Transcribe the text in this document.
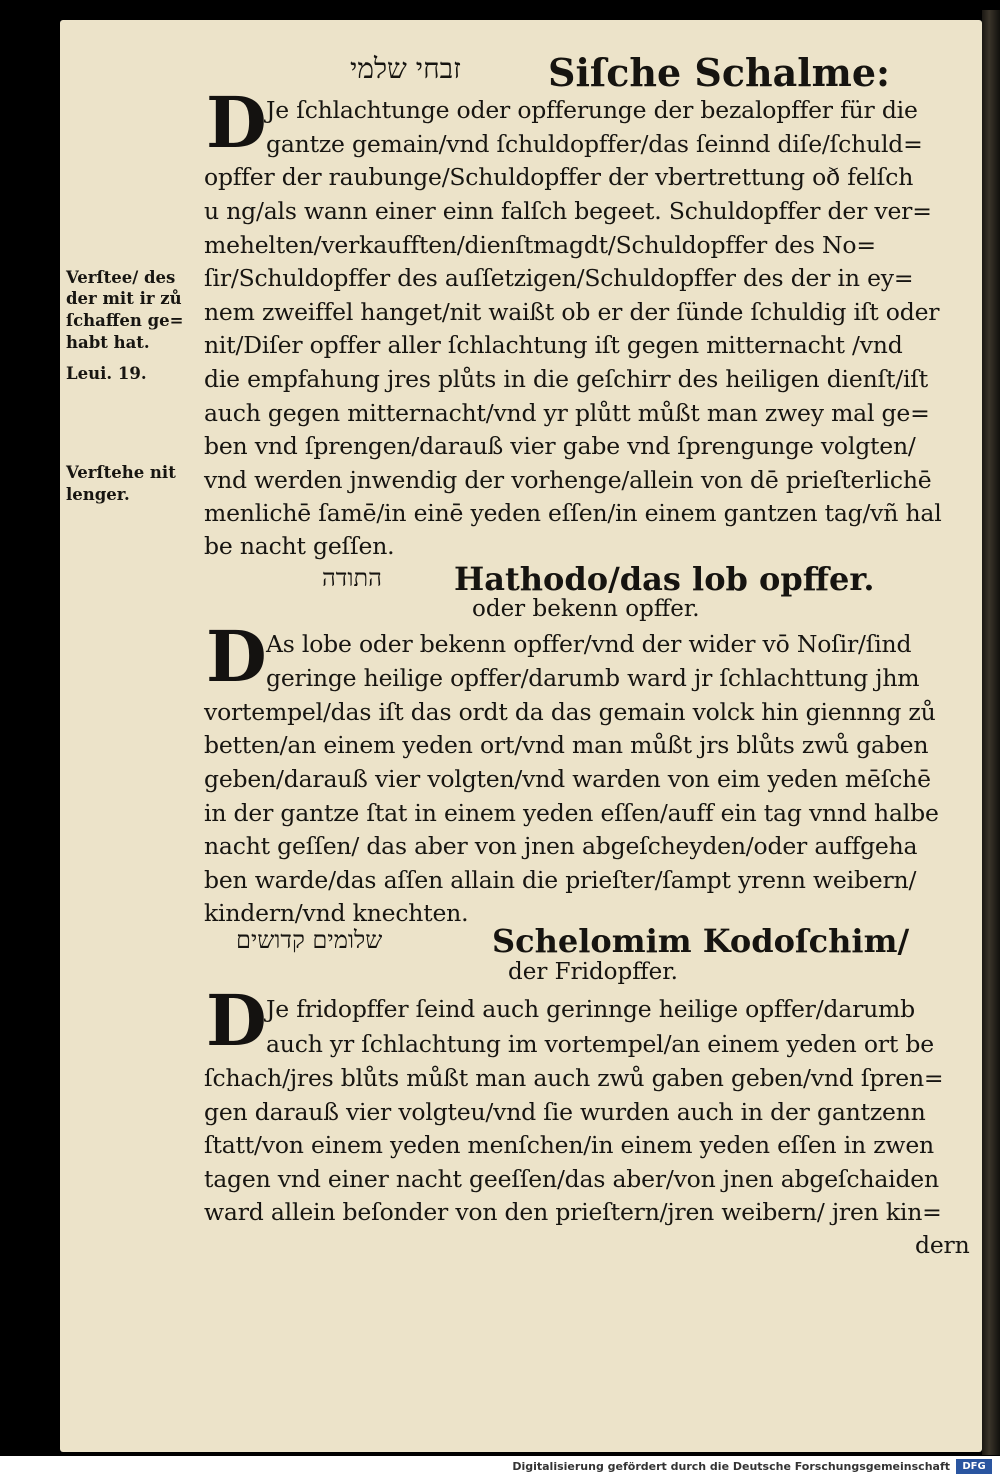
זבחי שלמי Siſche Schalme:
D Je ſchlachtunge oder opfferunge der bezalopffer für die
gantze gemain/vnd ſchuldopffer/das ſeinnd diſe/ſchuld=
opffer der raubunge/Schuldopffer der vbertrettung oð felſch
u ng/als wann einer einn falſch begeet. Schuldopffer der ver=
mehelten/verkaufften/dienſtmagdt/Schuldopffer des No=
ſir/Schuldopffer des auſſetzigen/Schuldopffer des der in ey=
nem zweiffel hanget/nit waißt ob er der ſünde ſchuldig iſt oder
nit/Diſer opffer aller ſchlachtung iſt gegen mitternacht /vnd
die empfahung jres plůts in die geſchirr des heiligen dienſt/iſt
auch gegen mitternacht/vnd yr plůtt můßt man zwey mal ge=
ben vnd ſprengen/darauß vier gabe vnd ſprengunge volgten/
vnd werden jnwendig der vorhenge/allein von dē prieſterlichē
menlichē ſamē/in einē yeden eſſen/in einem gantzen tag/vñ hal
be nacht geſſen.
Verſtee/ des
der mit ir zů
ſchaffen ge=
habt hat.
Leui. 19.
Verſtehe nit
lenger.
התודה Hathodo/das lob opffer.
oder bekenn opffer.
D As lobe oder bekenn opffer/vnd der wider vō Noſir/ſind
geringe heilige opffer/darumb ward jr ſchlachttung jhm
vortempel/das iſt das ordt da das gemain volck hin giennng zů
betten/an einem yeden ort/vnd man můßt jrs blůts zwů gaben
geben/darauß vier volgten/vnd warden von eim yeden mēſchē
in der gantze ſtat in einem yeden eſſen/auff ein tag vnnd halbe
nacht geſſen/ das aber von jnen abgeſcheyden/oder auffgeha
ben warde/das aſſen allain die prieſter/ſampt yrenn weibern/
kindern/vnd knechten.
שלומים קדושים	Schelomim Kodoſchim/
der Fridopffer.
D Je fridopffer ſeind auch gerinnge heilige opffer/darumb
auch yr ſchlachtung im vortempel/an einem yeden ort be
ſchach/jres blůts můßt man auch zwů gaben geben/vnd ſpren=
gen darauß vier volgteu/vnd ſie wurden auch in der gantzenn
ſtatt/von einem yeden menſchen/in einem yeden eſſen in zwen
tagen vnd einer nacht geeſſen/das aber/von jnen abgeſchaiden
ward allein beſonder von den prieſtern/jren weibern/ jren kin=
dern
Digitalisierung gefördert durch die Deutsche Forschungsgemeinschaft	DFG
